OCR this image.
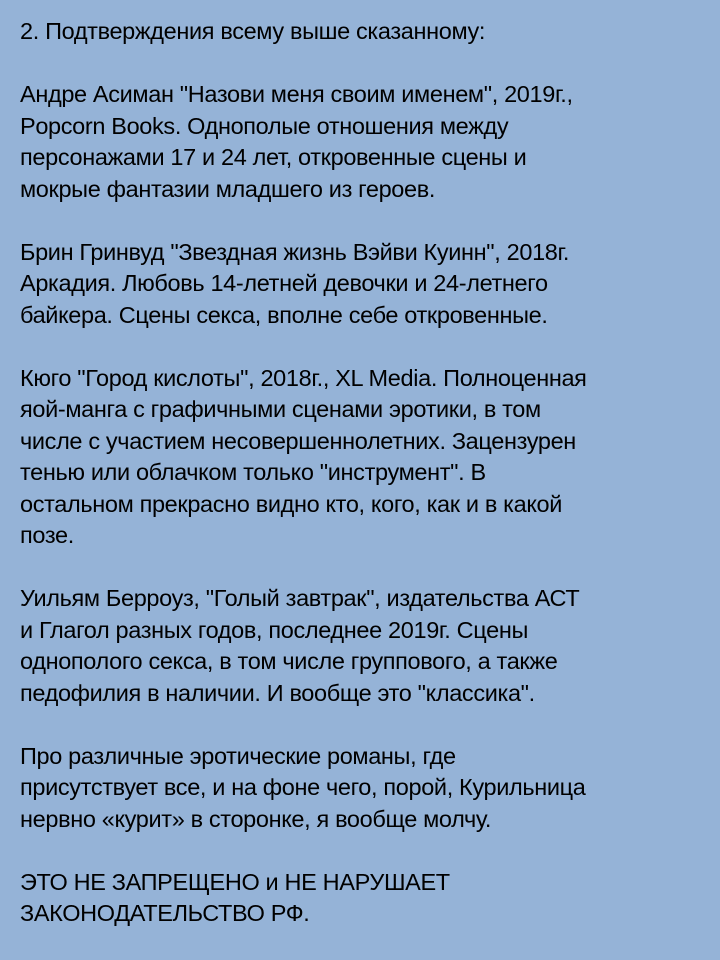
2. Подтверждения всему выше сказанному:
Андре Асиман "Назови меня своим именем", 2019г.,
Popcorn Books. Однополые отношения между
персонажами 17 и 24 лет, откровенные сцены и
мокрые фантазии младшего из героев.
Брин Гринвуд "Звездная жизнь Вэйви Куинн", 2018г.
Аркадия. Любовь 14-летней девочки и 24-летнего
байкера. Сцены секса, вполне себе откровенные.
Кюго "Город кислоты", 2018г., XL Media. Полноценная
яой-манга с графичными сценами эротики, в том
числе с участием несовершеннолетних. Зацензурен
тенью или облачком только "инструмент". В
остальном прекрасно видно кто, кого, как и в какой
позе.
Уильям Берроуз, "Голый завтрак", издательства АСТ
и Глагол разных годов, последнее 2019г. Сцены
однополого секса, в том числе группового, а также
педофилия в наличии. И вообще это "классика".
Про различные эротические романы, где
присутствует все, и на фоне чего, порой, Курильница
нервно «курит» в сторонке, я вообще молчу.
ЭТО НЕ ЗАПРЕЩЕНО и НЕ НАРУШАЕТ
ЗАКОНОДАТЕЛЬСТВО РФ.
